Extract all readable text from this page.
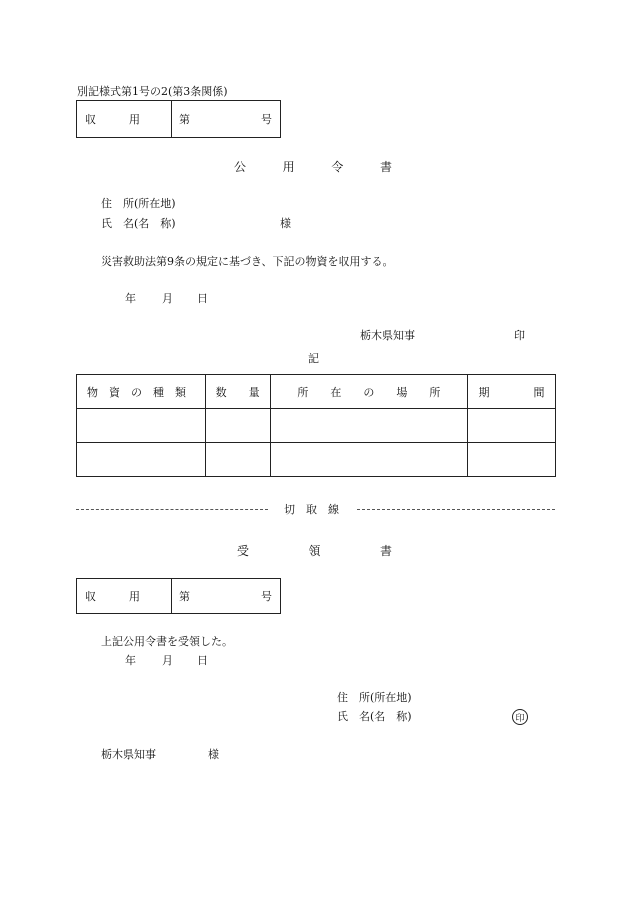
別記様式第1号の2(第3条関係)
収　　　用	第	号
公	用	令	書
住　所(所在地)
氏　名(名　称)	様
災害救助法第9条の規定に基づき、下記の物資を収用する。
年 月 日
栃木県知事	印
記
物　資　の　種　類	数　　量	所　　在　　の　　場　　所	期　　　　間

切　取　線
受	領	書
収　　　用	第	号
上記公用令書を受領した。
年 月 日
住　所(所在地)
氏　名(名　称)	印
栃木県知事	様
